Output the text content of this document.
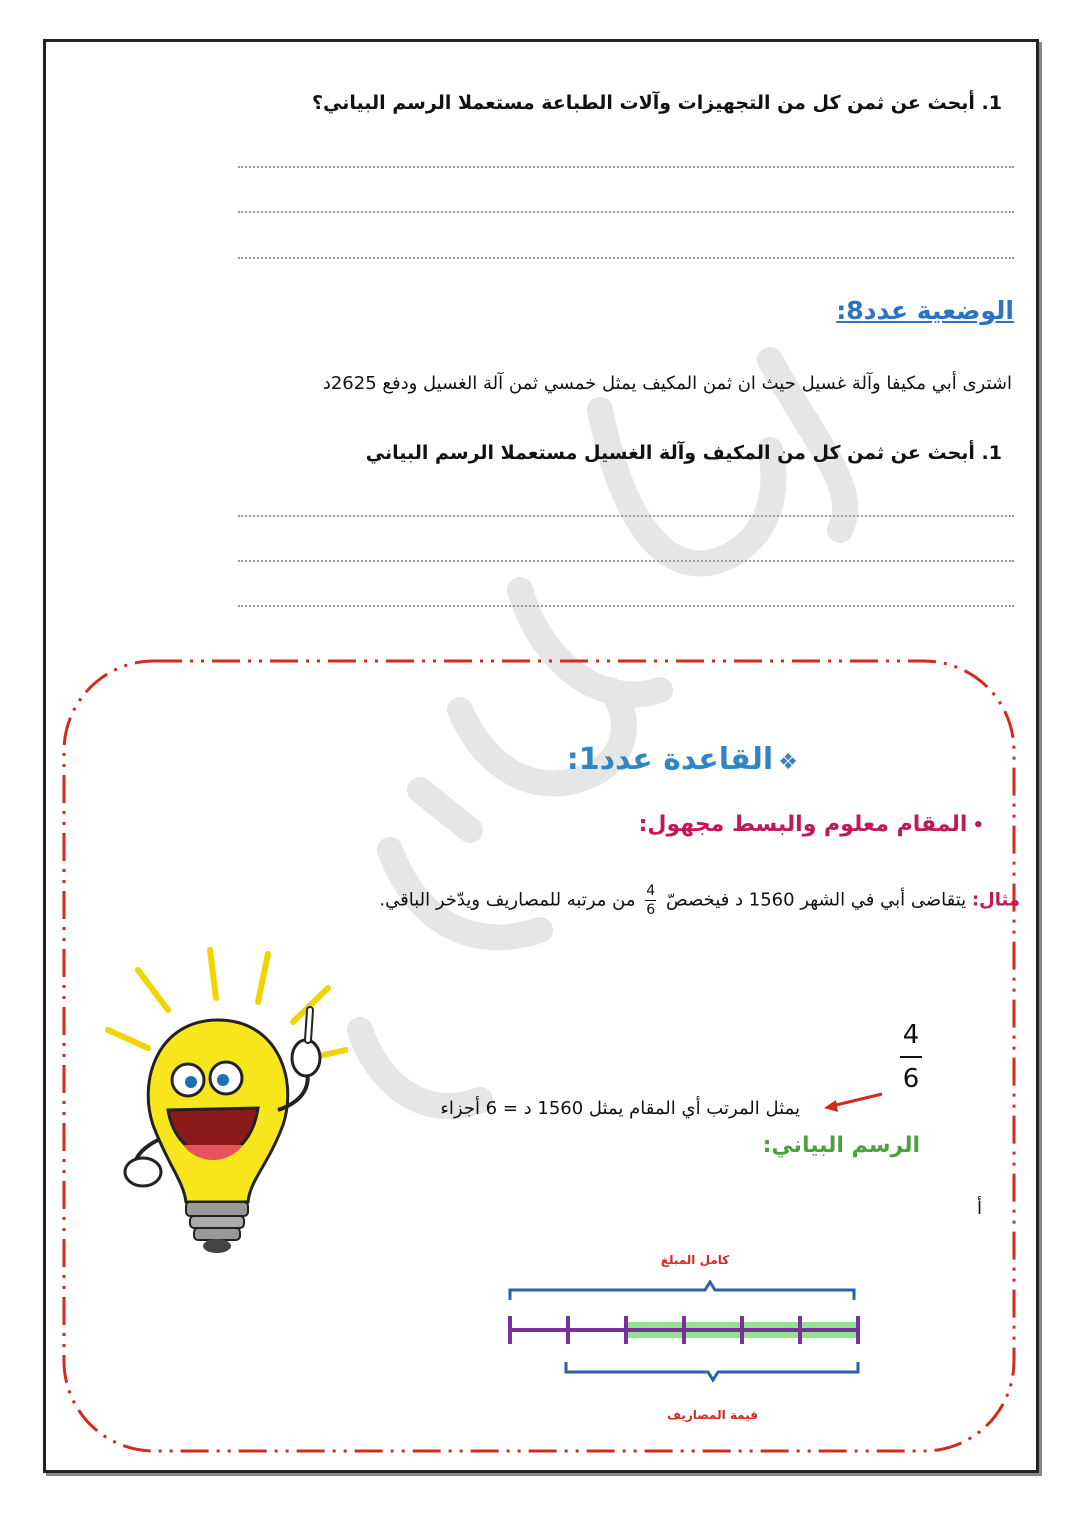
1. أبحث عن ثمن كل من التجهيزات وآلات الطباعة مستعملا الرسم البياني؟
الوضعية عدد8:
اشترى أبي مكيفا وآلة غسيل حيث ان ثمن المكيف يمثل خمسي ثمن آلة الغسيل ودفع 2625د
1. أبحث عن ثمن كل من المكيف وآلة الغسيل مستعملا الرسم البياني
❖ القاعدة عدد1:
• المقام معلوم والبسط مجهول:
مثال: يتقاضى أبي في الشهر 1560 د فيخصصّ
$\frac{4}{6}$
من مرتبه للمصاريف ويدّخر الباقي.
4
6
يمثل المرتب أي المقام يمثل 1560 د = 6 أجزاء
الرسم البياني:
أ
كامل المبلغ
قيمة المصاريف
